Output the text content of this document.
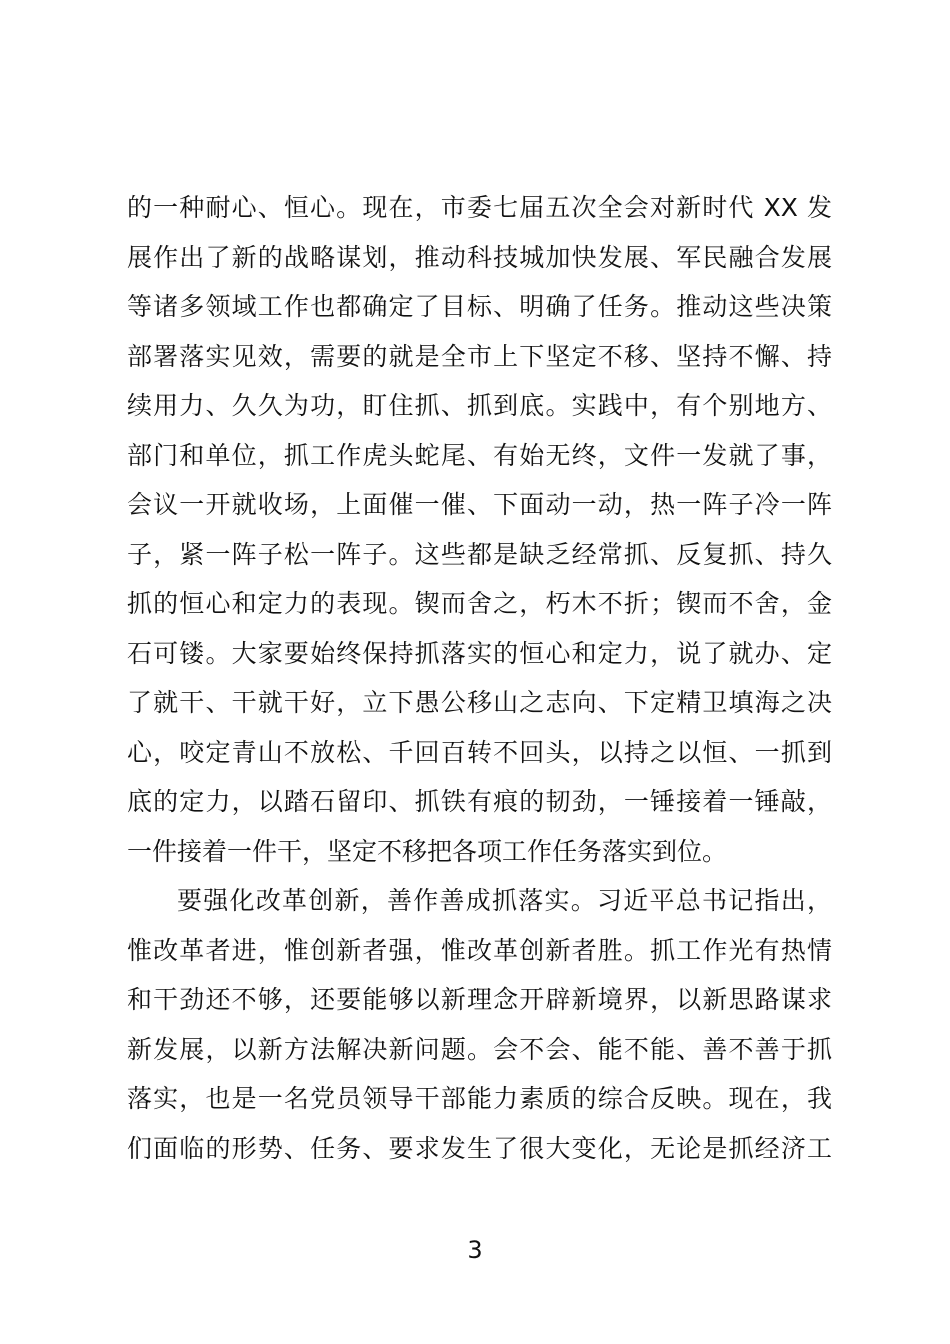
的一种耐心、恒心。现在，市委七届五次全会对新时代 XX 发
展作出了新的战略谋划，推动科技城加快发展、军民融合发展
等诸多领域工作也都确定了目标、明确了任务。推动这些决策
部署落实见效，需要的就是全市上下坚定不移、坚持不懈、持
续用力、久久为功，盯住抓、抓到底。实践中，有个别地方、
部门和单位，抓工作虎头蛇尾、有始无终，文件一发就了事，
会议一开就收场，上面催一催、下面动一动，热一阵子冷一阵
子，紧一阵子松一阵子。这些都是缺乏经常抓、反复抓、持久
抓的恒心和定力的表现。锲而舍之，朽木不折；锲而不舍，金
石可镂。大家要始终保持抓落实的恒心和定力，说了就办、定
了就干、干就干好，立下愚公移山之志向、下定精卫填海之决
心，咬定青山不放松、千回百转不回头，以持之以恒、一抓到
底的定力，以踏石留印、抓铁有痕的韧劲，一锤接着一锤敲，
一件接着一件干，坚定不移把各项工作任务落实到位。
要强化改革创新，善作善成抓落实。习近平总书记指出，
惟改革者进，惟创新者强，惟改革创新者胜。抓工作光有热情
和干劲还不够，还要能够以新理念开辟新境界，以新思路谋求
新发展，以新方法解决新问题。会不会、能不能、善不善于抓
落实，也是一名党员领导干部能力素质的综合反映。现在，我
们面临的形势、任务、要求发生了很大变化，无论是抓经济工
3
